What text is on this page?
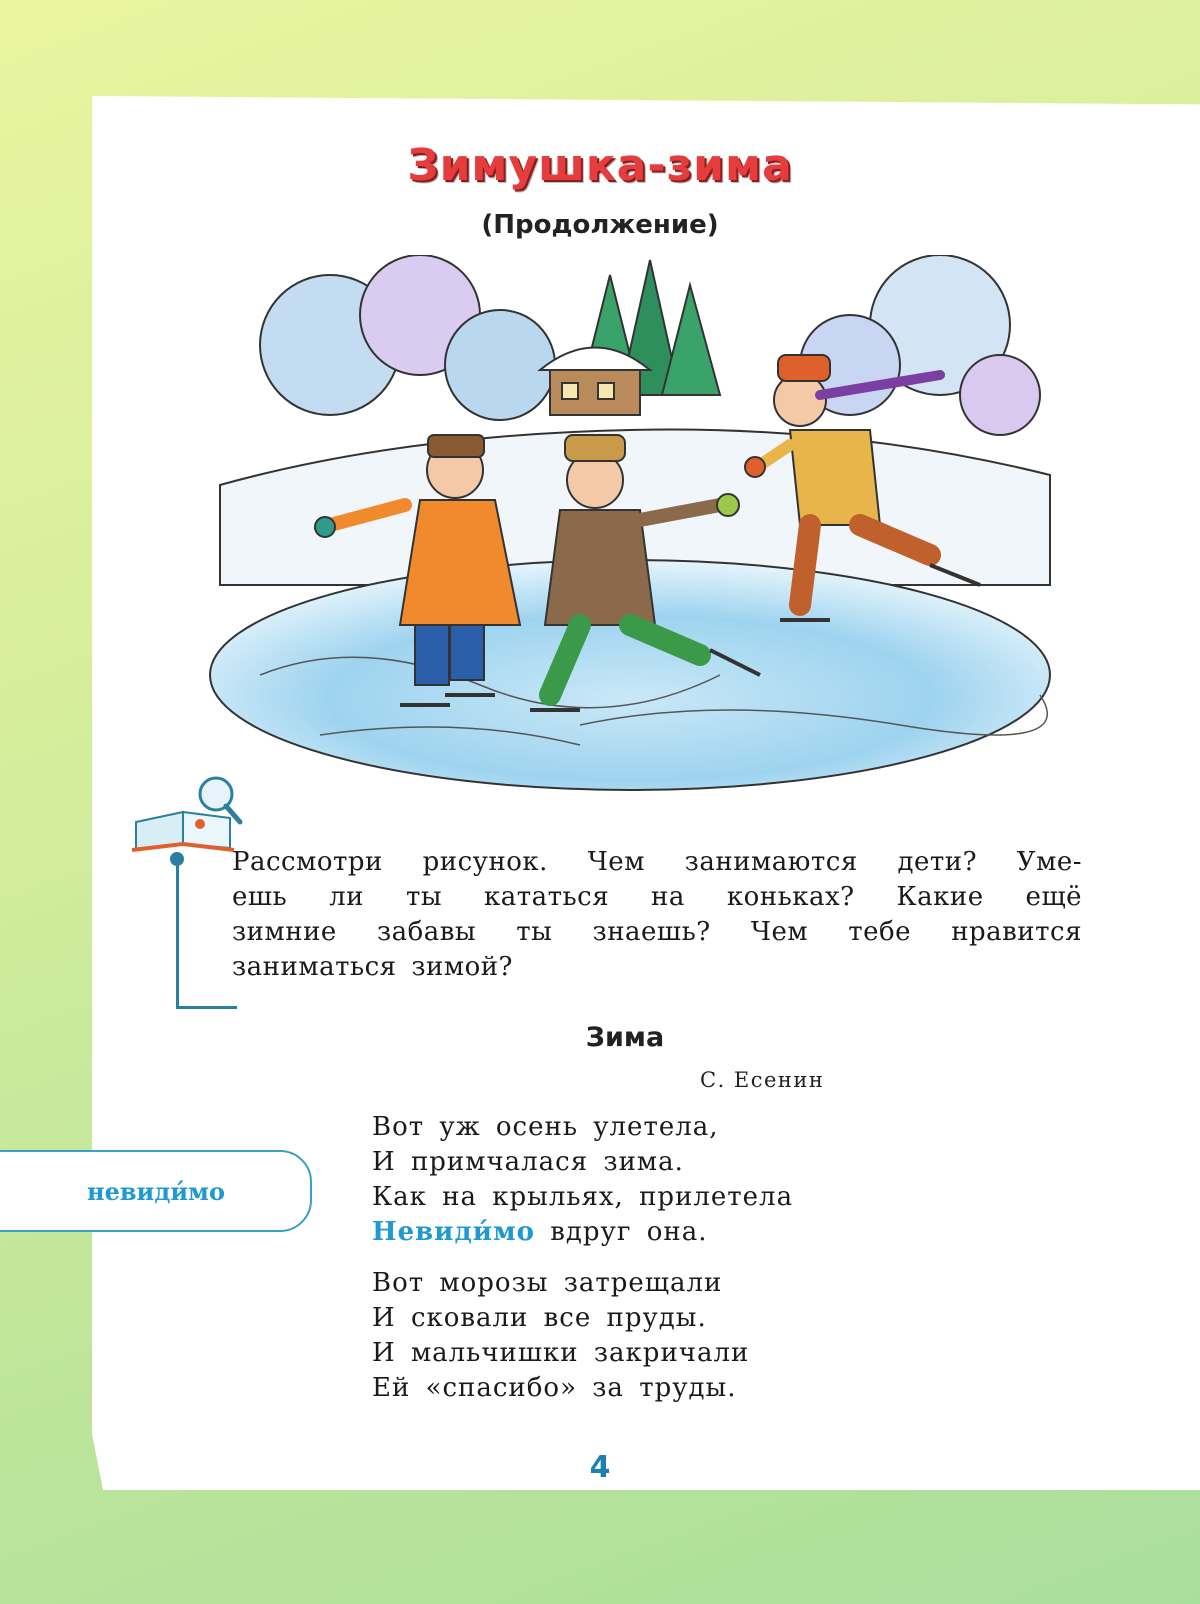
Зимушка-зима
(Продолжение)
Рассмотри рисунок. Чем занимаются дети? Уме-
ешь ли ты кататься на коньках? Какие ещё
зимние забавы ты знаешь? Чем тебе нравится
заниматься зимой?
Зима
С. Есенин
невиди́мо
Вот уж осень улетела,
И примчалася зима.
Как на крыльях, прилетела
Невиди́мо вдруг она.
Вот морозы затрещали
И сковали все пруды.
И мальчишки закричали
Ей «спасибо» за труды.
4
